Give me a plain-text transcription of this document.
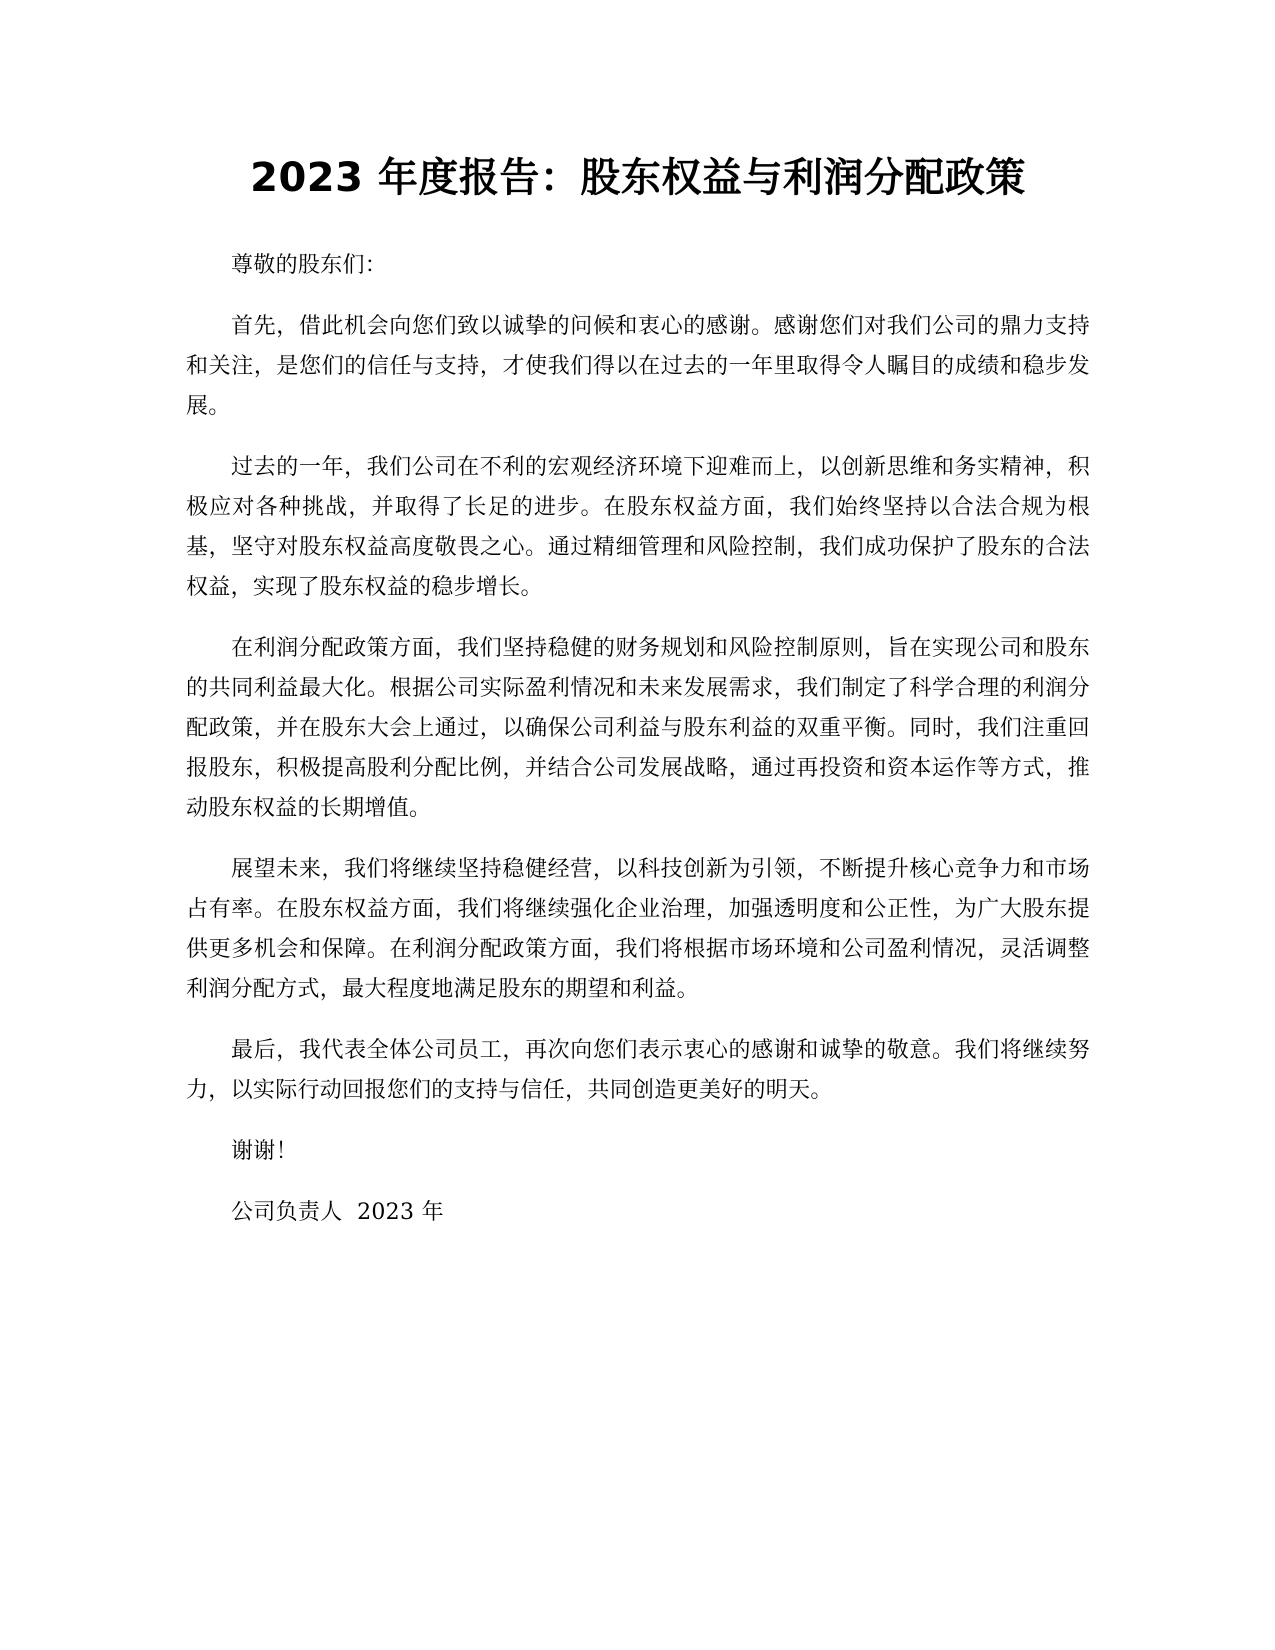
2023 年度报告：股东权益与利润分配政策

尊敬的股东们：

首先，借此机会向您们致以诚挚的问候和衷心的感谢。感谢您们对我们公司的鼎力支持和关注，是您们的信任与支持，才使我们得以在过去的一年里取得令人瞩目的成绩和稳步发展。

过去的一年，我们公司在不利的宏观经济环境下迎难而上，以创新思维和务实精神，积极应对各种挑战，并取得了长足的进步。在股东权益方面，我们始终坚持以合法合规为根基，坚守对股东权益高度敬畏之心。通过精细管理和风险控制，我们成功保护了股东的合法权益，实现了股东权益的稳步增长。

在利润分配政策方面，我们坚持稳健的财务规划和风险控制原则，旨在实现公司和股东的共同利益最大化。根据公司实际盈利情况和未来发展需求，我们制定了科学合理的利润分配政策，并在股东大会上通过，以确保公司利益与股东利益的双重平衡。同时，我们注重回报股东，积极提高股利分配比例，并结合公司发展战略，通过再投资和资本运作等方式，推动股东权益的长期增值。

展望未来，我们将继续坚持稳健经营，以科技创新为引领，不断提升核心竞争力和市场占有率。在股东权益方面，我们将继续强化企业治理，加强透明度和公正性，为广大股东提供更多机会和保障。在利润分配政策方面，我们将根据市场环境和公司盈利情况，灵活调整利润分配方式，最大程度地满足股东的期望和利益。

最后，我代表全体公司员工，再次向您们表示衷心的感谢和诚挚的敬意。我们将继续努力，以实际行动回报您们的支持与信任，共同创造更美好的明天。

谢谢！

公司负责人  2023 年
